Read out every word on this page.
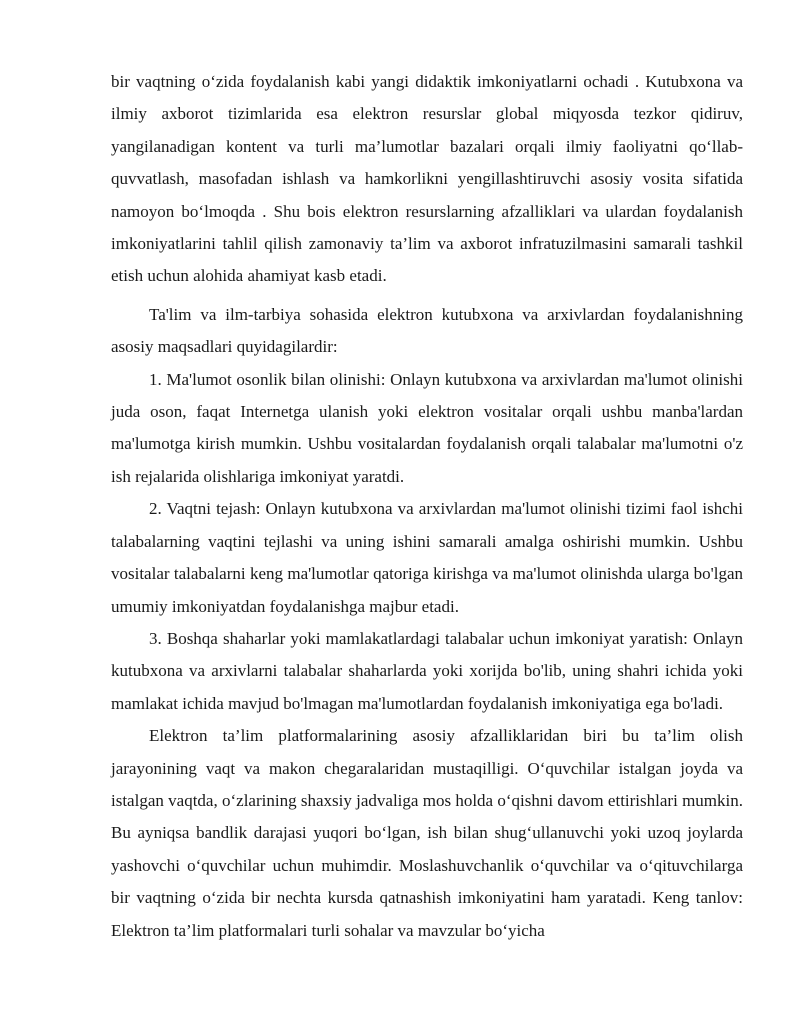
bir vaqtning o‘zida foydalanish kabi yangi didaktik imkoniyatlarni ochadi . Kutubxona va ilmiy axborot tizimlarida esa elektron resurslar global miqyosda tezkor qidiruv, yangilanadigan kontent va turli ma’lumotlar bazalari orqali ilmiy faoliyatni qo‘llab-quvvatlash, masofadan ishlash va hamkorlikni yengillashtiruvchi asosiy vosita sifatida namoyon bo‘lmoqda . Shu bois elektron resurslarning afzalliklari va ulardan foydalanish imkoniyatlarini tahlil qilish zamonaviy ta’lim va axborot infratuzilmasini samarali tashkil etish uchun alohida ahamiyat kasb etadi.

Ta'lim va ilm-tarbiya sohasida elektron kutubxona va arxivlardan foydalanishning asosiy maqsadlari quyidagilardir:

1. Ma'lumot osonlik bilan olinishi: Onlayn kutubxona va arxivlardan ma'lumot olinishi juda oson, faqat Internetga ulanish yoki elektron vositalar orqali ushbu manba'lardan ma'lumotga kirish mumkin. Ushbu vositalardan foydalanish orqali talabalar ma'lumotni o'z ish rejalarida olishlariga imkoniyat yaratdi.

2. Vaqtni tejash: Onlayn kutubxona va arxivlardan ma'lumot olinishi tizimi faol ishchi talabalarning vaqtini tejlashi va uning ishini samarali amalga oshirishi mumkin. Ushbu vositalar talabalarni keng ma'lumotlar qatoriga kirishga va ma'lumot olinishda ularga bo'lgan umumiy imkoniyatdan foydalanishga majbur etadi.

3. Boshqa shaharlar yoki mamlakatlardagi talabalar uchun imkoniyat yaratish: Onlayn kutubxona va arxivlarni talabalar shaharlarda yoki xorijda bo'lib, uning shahri ichida yoki mamlakat ichida mavjud bo'lmagan ma'lumotlardan foydalanish imkoniyatiga ega bo'ladi.

Elektron ta’lim platformalarining asosiy afzalliklaridan biri bu ta’lim olish jarayonining vaqt va makon chegaralaridan mustaqilligi. O‘quvchilar istalgan joyda va istalgan vaqtda, o‘zlarining shaxsiy jadvaliga mos holda o‘qishni davom ettirishlari mumkin. Bu ayniqsa bandlik darajasi yuqori bo‘lgan, ish bilan shug‘ullanuvchi yoki uzoq joylarda yashovchi o‘quvchilar uchun muhimdir. Moslashuvchanlik o‘quvchilar va o‘qituvchilarga bir vaqtning o‘zida bir nechta kursda qatnashish imkoniyatini ham yaratadi. Keng tanlov: Elektron ta’lim platformalari turli sohalar va mavzular bo‘yicha
